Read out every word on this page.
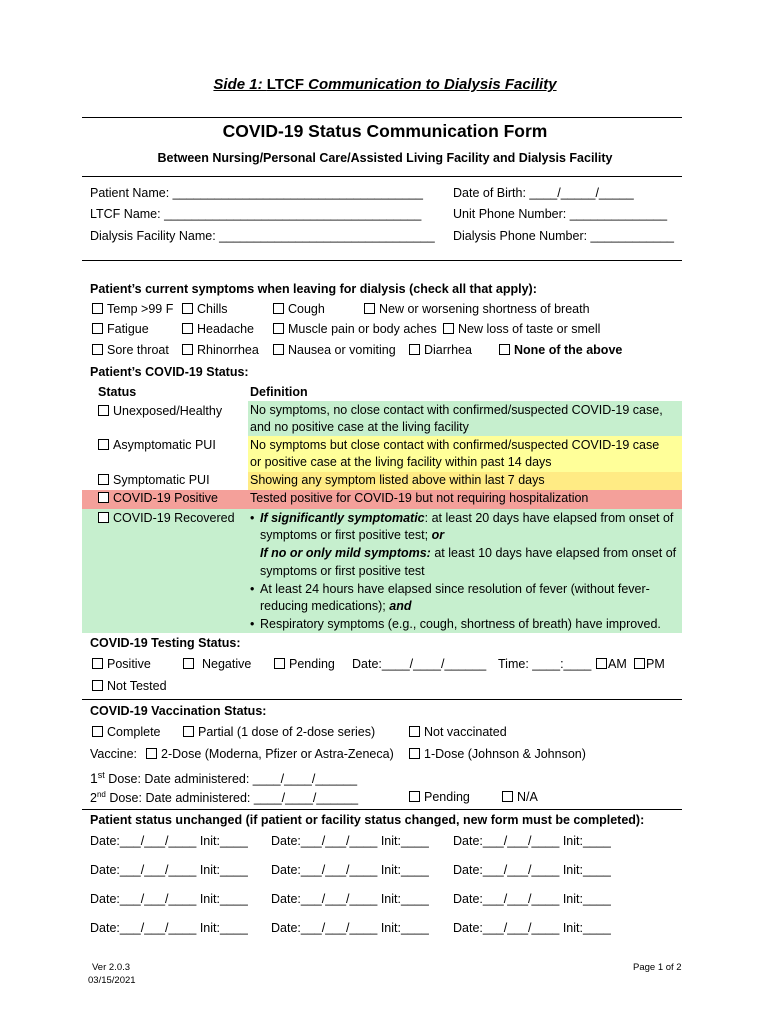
Side 1: LTCF Communication to Dialysis Facility
COVID-19 Status Communication Form
Between Nursing/Personal Care/Assisted Living Facility and Dialysis Facility
Patient Name: ____________________________________ Date of Birth: ____/_____/_____
LTCF Name: _____________________________________	Unit Phone Number: ______________
Dialysis Facility Name: _______________________________ Dialysis Phone Number: ____________
Patient’s current symptoms when leaving for dialysis (check all that apply):
Temp >99 F	Chills	Cough	New or worsening shortness of breath
Fatigue	Headache	Muscle pain or body aches	New loss of taste or smell
Sore throat	Rhinorrhea	Nausea or vomiting	Diarrhea	None of the above
Patient’s COVID-19 Status:
Status	Definition
Unexposed/Healthy No symptoms, no close contact with confirmed/suspected COVID-19 case,
and no positive case at the living facility
Asymptomatic PUI	No symptoms but close contact with confirmed/suspected COVID-19 case
or positive case at the living facility within past 14 days
Symptomatic PUI	Showing any symptom listed above within last 7 days
COVID-19 Positive	Tested positive for COVID-19 but not requiring hospitalization
COVID-19 Recovered • If significantly symptomatic: at least 20 days have elapsed from onset of
symptoms or first positive test; or
If no or only mild symptoms: at least 10 days have elapsed from onset of
symptoms or first positive test
• At least 24 hours have elapsed since resolution of fever (without fever-
reducing medications); and
• Respiratory symptoms (e.g., cough, shortness of breath) have improved.
COVID-19 Testing Status:
Positive	Negative	Pending Date:____/____/______ Time: ____:____	AM	PM
Not Tested
COVID-19 Vaccination Status:
Complete	Partial (1 dose of 2-dose series)	Not vaccinated
Vaccine:	2-Dose (Moderna, Pfizer or Astra-Zeneca)	1-Dose (Johnson & Johnson)
1st Dose: Date administered: ____/____/______
2nd Dose: Date administered: ____/____/______	Pending	N/A
Patient status unchanged (if patient or facility status changed, new form must be completed):
Date:___/___/____ Init:____ Date:___/___/____ Init:____ Date:___/___/____ Init:____
Date:___/___/____ Init:____ Date:___/___/____ Init:____ Date:___/___/____ Init:____
Date:___/___/____ Init:____ Date:___/___/____ Init:____ Date:___/___/____ Init:____
Date:___/___/____ Init:____ Date:___/___/____ Init:____ Date:___/___/____ Init:____
Ver 2.0.3
03/15/2021
Page 1 of 2
